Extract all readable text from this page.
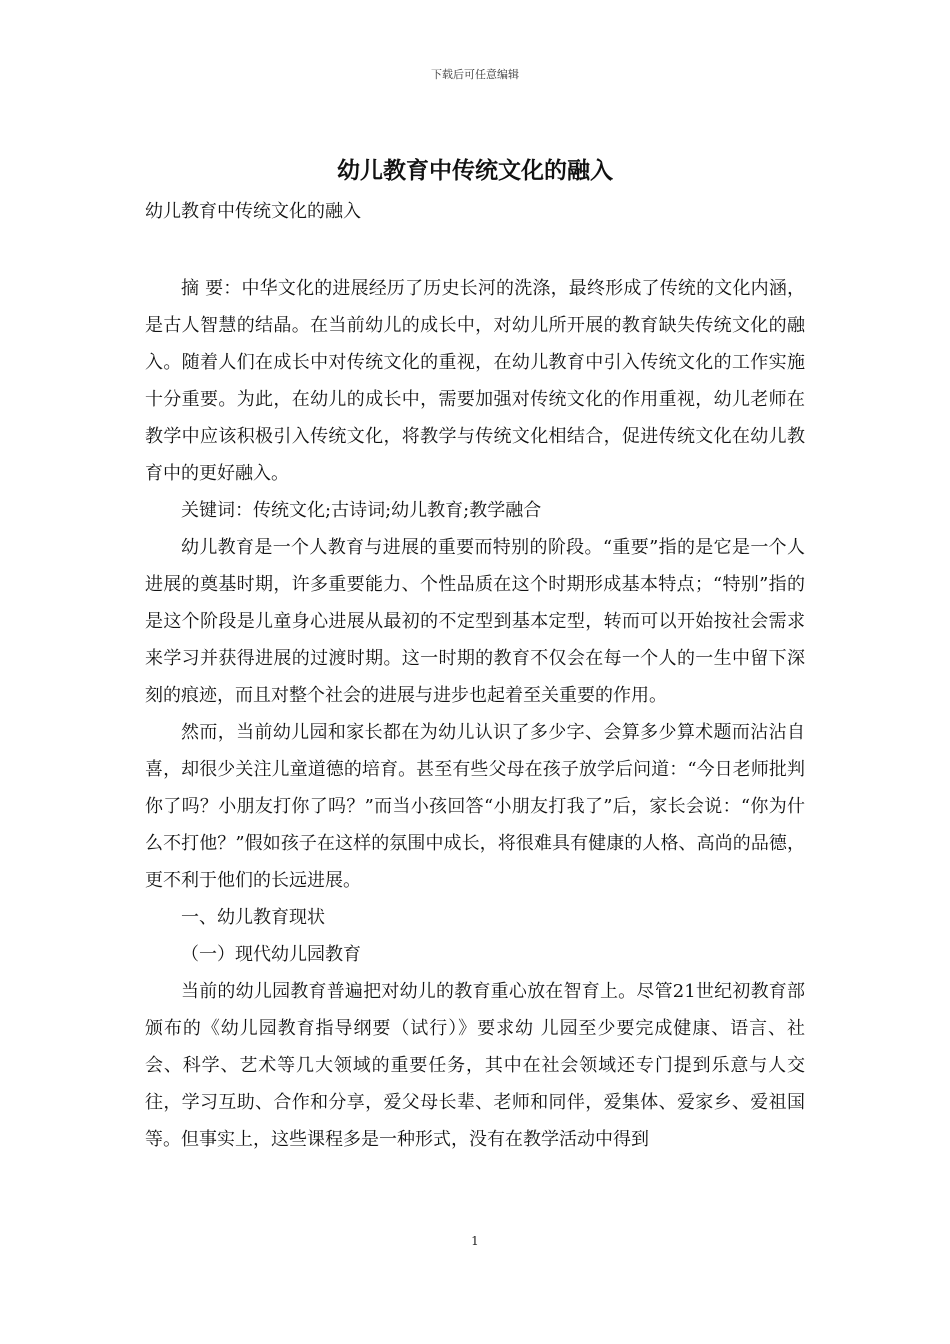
下载后可任意编辑
幼儿教育中传统文化的融入

幼儿教育中传统文化的融入

摘 要：中华文化的进展经历了历史长河的洗涤，最终形成了传统的文化内涵，是古人智慧的结晶。在当前幼儿的成长中，对幼儿所开展的教育缺失传统文化的融入。随着人们在成长中对传统文化的重视，在幼儿教育中引入传统文化的工作实施十分重要。为此，在幼儿的成长中，需要加强对传统文化的作用重视，幼儿老师在教学中应该积极引入传统文化，将教学与传统文化相结合，促进传统文化在幼儿教育中的更好融入。

关键词：传统文化;古诗词;幼儿教育;教学融合

幼儿教育是一个人教育与进展的重要而特别的阶段。“重要”指的是它是一个人进展的奠基时期，许多重要能力、个性品质在这个时期形成基本特点；“特别”指的是这个阶段是儿童身心进展从最初的不定型到基本定型，转而可以开始按社会需求来学习并获得进展的过渡时期。这一时期的教育不仅会在每一个人的一生中留下深刻的痕迹，而且对整个社会的进展与进步也起着至关重要的作用。

然而，当前幼儿园和家长都在为幼儿认识了多少字、会算多少算术题而沾沾自喜，却很少关注儿童道德的培育。甚至有些父母在孩子放学后问道：“今日老师批判你了吗？小朋友打你了吗？”而当小孩回答“小朋友打我了”后，家长会说：“你为什么不打他？”假如孩子在这样的氛围中成长，将很难具有健康的人格、高尚的品德，更不利于他们的长远进展。

一、幼儿教育现状

（一）现代幼儿园教育

当前的幼儿园教育普遍把对幼儿的教育重心放在智育上。尽管21世纪初教育部颁布的《幼儿园教育指导纲要（试行）》要求幼 儿园至少要完成健康、语言、社会、科学、艺术等几大领域的重要任务，其中在社会领域还专门提到乐意与人交往，学习互助、合作和分享，爱父母长辈、老师和同伴，爱集体、爱家乡、爱祖国等。但事实上，这些课程多是一种形式，没有在教学活动中得到

1
